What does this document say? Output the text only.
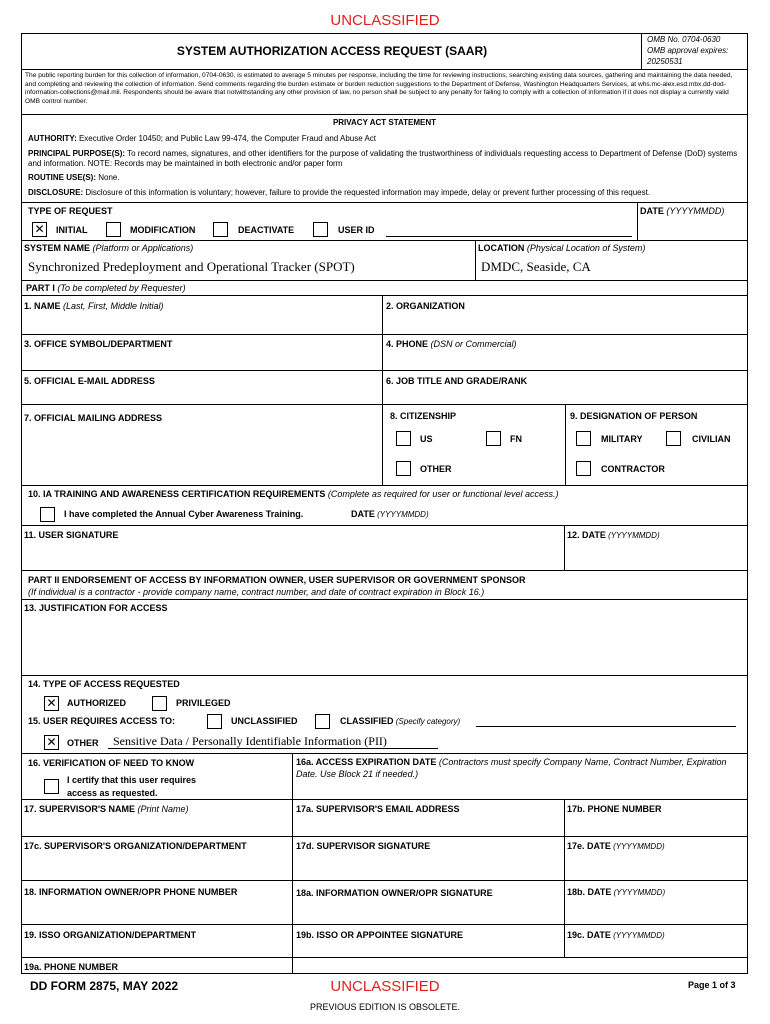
UNCLASSIFIED
SYSTEM AUTHORIZATION ACCESS REQUEST (SAAR)
OMB No. 0704-0630
OMB approval expires:
20250531
The public reporting burden for this collection of information, 0704-0630, is estimated to average 5 minutes per response, including the time for reviewing instructions, searching existing data sources, gathering and maintaining the data needed, and completing and reviewing the collection of information. Send comments regarding the burden estimate or burden reduction suggestions to the Department of Defense, Washington Headquarters Services, at whs.mc-alex.esd.mbx.dd-dod-information-collections@mail.mil. Respondents should be aware that notwithstanding any other provision of law, no person shall be subject to any penalty for failing to comply with a collection of information if it does not display a currently valid OMB control number.
PRIVACY ACT STATEMENT
AUTHORITY: Executive Order 10450; and Public Law 99-474, the Computer Fraud and Abuse Act
PRINCIPAL PURPOSE(S): To record names, signatures, and other identifiers for the purpose of validating the trustworthiness of individuals requesting access to Department of Defense (DoD) systems and information. NOTE: Records may be maintained in both electronic and/or paper form
ROUTINE USE(S): None.
DISCLOSURE: Disclosure of this information is voluntary; however, failure to provide the requested information may impede, delay or prevent further processing of this request.
TYPE OF REQUEST	DATE (YYYYMMDD)
✕
INITIAL	MODIFICATION	DEACTIVATE	USER ID
SYSTEM NAME (Platform or Applications)
Synchronized Predeployment and Operational Tracker (SPOT)
LOCATION (Physical Location of System)
DMDC, Seaside, CA
PART I (To be completed by Requester)
1. NAME (Last, First, Middle Initial)	2. ORGANIZATION
3. OFFICE SYMBOL/DEPARTMENT	4. PHONE (DSN or Commercial)
5. OFFICIAL E-MAIL ADDRESS	6. JOB TITLE AND GRADE/RANK
7. OFFICIAL MAILING ADDRESS	8. CITIZENSHIP	9. DESIGNATION OF PERSON
US	FN
OTHER
MILITARY	CIVILIAN
CONTRACTOR
10. IA TRAINING AND AWARENESS CERTIFICATION REQUIREMENTS (Complete as required for user or functional level access.)
I have completed the Annual Cyber Awareness Training.	DATE (YYYYMMDD)
11. USER SIGNATURE	12. DATE (YYYYMMDD)
PART II ENDORSEMENT OF ACCESS BY INFORMATION OWNER, USER SUPERVISOR OR GOVERNMENT SPONSOR
(If individual is a contractor - provide company name, contract number, and date of contract expiration in Block 16.)
13. JUSTIFICATION FOR ACCESS
14. TYPE OF ACCESS REQUESTED
✕
AUTHORIZED	PRIVILEGED
15. USER REQUIRES ACCESS TO:	UNCLASSIFIED	CLASSIFIED (Specify category)
✕
OTHER Sensitive Data / Personally Identifiable Information (PII)
16. VERIFICATION OF NEED TO KNOW
I certify that this user requires
access as requested.
16a. ACCESS EXPIRATION DATE (Contractors must specify Company Name, Contract Number, Expiration Date. Use Block 21 if needed.)
17. SUPERVISOR'S NAME (Print Name)	17a. SUPERVISOR'S EMAIL ADDRESS	17b. PHONE NUMBER
17c. SUPERVISOR'S ORGANIZATION/DEPARTMENT	17d. SUPERVISOR SIGNATURE	17e. DATE (YYYYMMDD)
18. INFORMATION OWNER/OPR PHONE NUMBER	18a. INFORMATION OWNER/OPR SIGNATURE	18b. DATE (YYYYMMDD)
19. ISSO ORGANIZATION/DEPARTMENT	19b. ISSO OR APPOINTEE SIGNATURE	19c. DATE (YYYYMMDD)
19a. PHONE NUMBER
DD FORM 2875, MAY 2022	UNCLASSIFIED	Page 1 of 3
PREVIOUS EDITION IS OBSOLETE.
